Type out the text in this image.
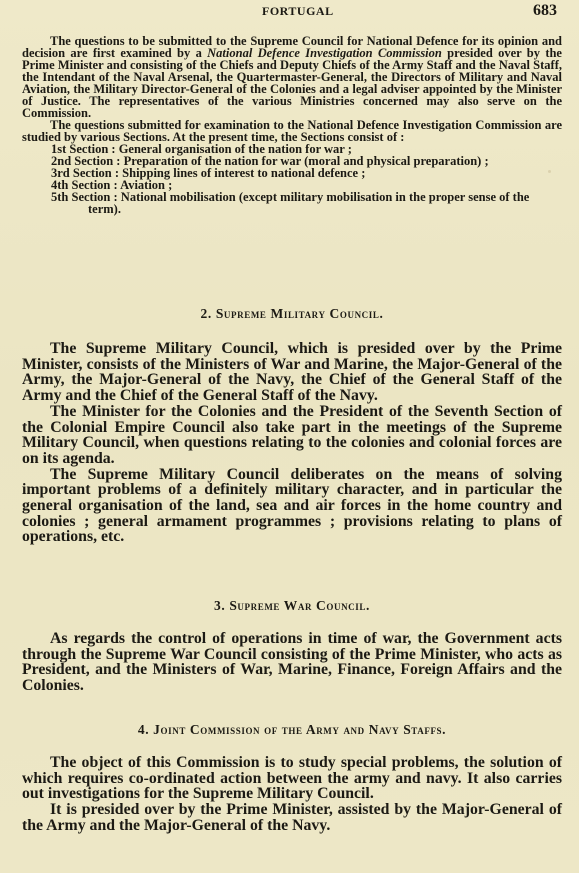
FORTUGAL	683

The questions to be submitted to the Supreme Council for National Defence for its opinion and decision are first examined by a National Defence Investigation Commission presided over by the Prime Minister and consisting of the Chiefs and Deputy Chiefs of the Army Staff and the Naval Staff, the Intendant of the Naval Arsenal, the Quartermaster-General, the Directors of Military and Naval Aviation, the Military Director-General of the Colonies and a legal adviser appointed by the Minister of Justice. The representatives of the various Ministries concerned may also serve on the Commission.

The questions submitted for examination to the National Defence Investigation Commission are studied by various Sections. At the present time, the Sections consist of :

1st Section : General organisation of the nation for war ;
2nd Section : Preparation of the nation for war (moral and physical preparation) ;
3rd Section : Shipping lines of interest to national defence ;
4th Section : Aviation ;
5th Section : National mobilisation (except military mobilisation in the proper sense of the term).
2. Supreme Military Council.

The Supreme Military Council, which is presided over by the Prime Minister, consists of the Ministers of War and Marine, the Major-General of the Army, the Major-General of the Navy, the Chief of the General Staff of the Army and the Chief of the General Staff of the Navy.

The Minister for the Colonies and the President of the Seventh Section of the Colonial Empire Council also take part in the meetings of the Supreme Military Council, when questions relating to the colonies and colonial forces are on its agenda.

The Supreme Military Council deliberates on the means of solving important problems of a definitely military character, and in particular the general organisation of the land, sea and air forces in the home country and colonies ; general armament programmes ; provisions relating to plans of operations, etc.

3. Supreme War Council.

As regards the control of operations in time of war, the Government acts through the Supreme War Council consisting of the Prime Minister, who acts as President, and the Ministers of War, Marine, Finance, Foreign Affairs and the Colonies.

4. Joint Commission of the Army and Navy Staffs.

The object of this Commission is to study special problems, the solution of which requires co-ordinated action between the army and navy. It also carries out investigations for the Supreme Military Council.

It is presided over by the Prime Minister, assisted by the Major-General of the Army and the Major-General of the Navy.
